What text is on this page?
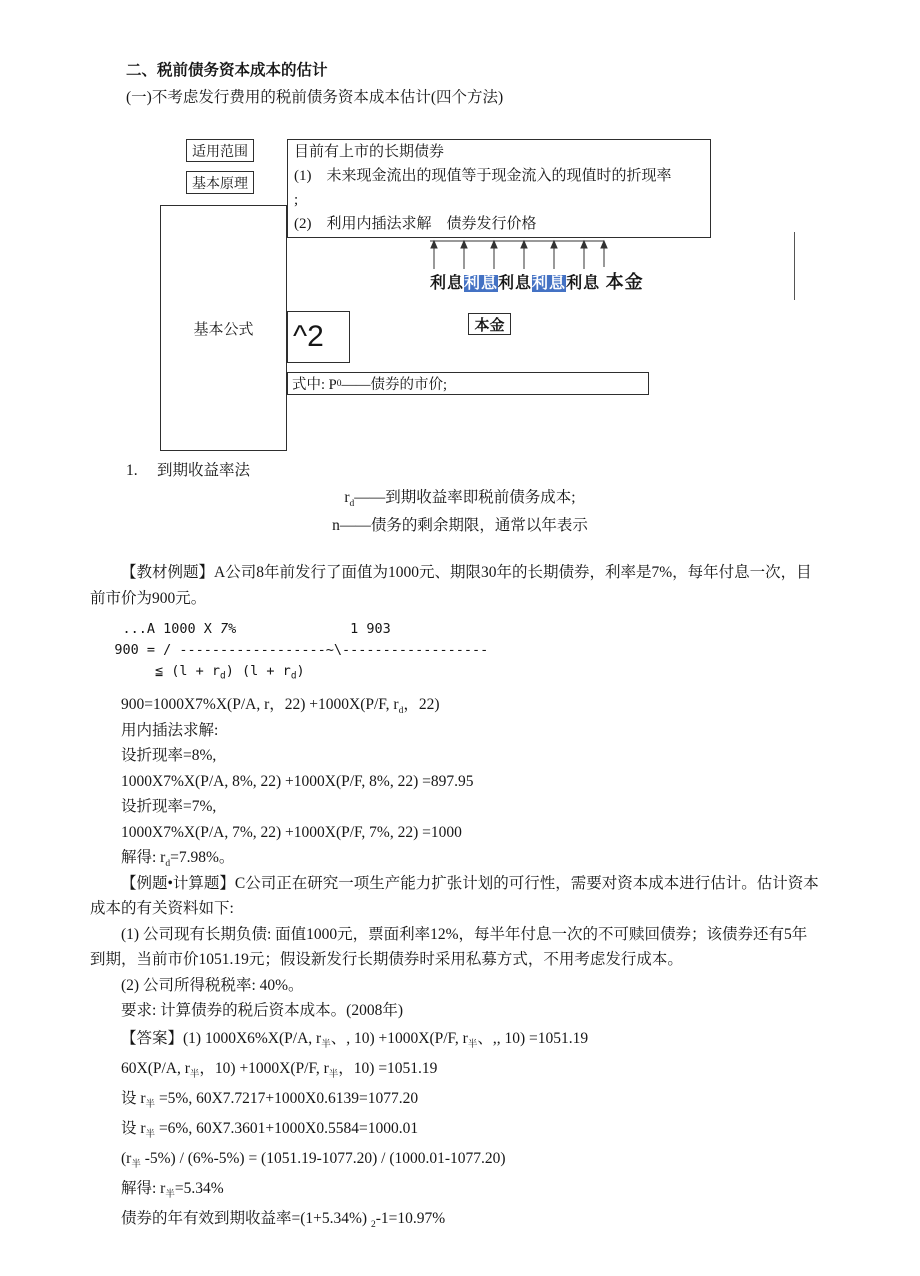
二、税前债务资本成本的估计
(一)不考虑发行费用的税前债务资本成本估计(四个方法)
适用范围
基本原理
目前有上市的长期债券
(1)　未来现金流出的现值等于现金流入的现值时的折现率
;
(2)　利用内插法求解　债券发行价格
基本公式
利息利息利息利息利息 本金
^2	本金
式中: P 0 ——债券的市价;
1.　 到期收益率法
$r_d——$到期收益率即税前债务成本;
n——债务的剩余期限，通常以年表示
【教材例题】A公司8年前发行了面值为1000元、期限30年的长期债券，利率是7%，每年付息一次，目前市价为900元。
...A 1000 X 7%              1 903
900 = / ------------------~\------------------
≦ $(l + r_d)$ $(l + r_d)$
900=1000X7%X(P/A, r，22) +1000X(P/F, $r_d$，22)
用内插法求解:
设折现率=8%,
1000X7%X(P/A, 8%, 22) +1000X(P/F, 8%, 22) =897.95
设折现率=7%,
1000X7%X(P/A, 7%, 22) +1000X(P/F, 7%, 22) =1000
解得: $r_d=7.98\%$。
【例题•计算题】C公司正在研究一项生产能力扩张计划的可行性，需要对资本成本进行估计。估计资本成本的有关资料如下:
(1) 公司现有长期负债: 面值1000元，票面利率12%，每半年付息一次的不可赎回债券；该债券还有5年到期，当前市价1051.19元；假设新发行长期债券时采用私募方式，不用考虑发行成本。
(2) 公司所得税税率: 40%。
要求: 计算债券的税后资本成本。(2008年)
【答案】(1) 1000X6%X(P/A, $r_半$、, 10) +1000X(P/F, $r_半$、,, 10) =1051.19
60X(P/A, $r_半$，10) +1000X(P/F, $r_半$，10) =1051.19
设 $r_半 =5\%$, 60X7.7217+1000X0.6139=1077.20
设 $r_半 =6\%$, 60X7.3601+1000X0.5584=1000.01
($r_半$ -5%) / (6%-5%) = (1051.19-1077.20) / (1000.01-1077.20)
解得: $r_半=5.34\%$
债券的年有效到期收益率=(1+5.34%) $_2$-1=10.97%
